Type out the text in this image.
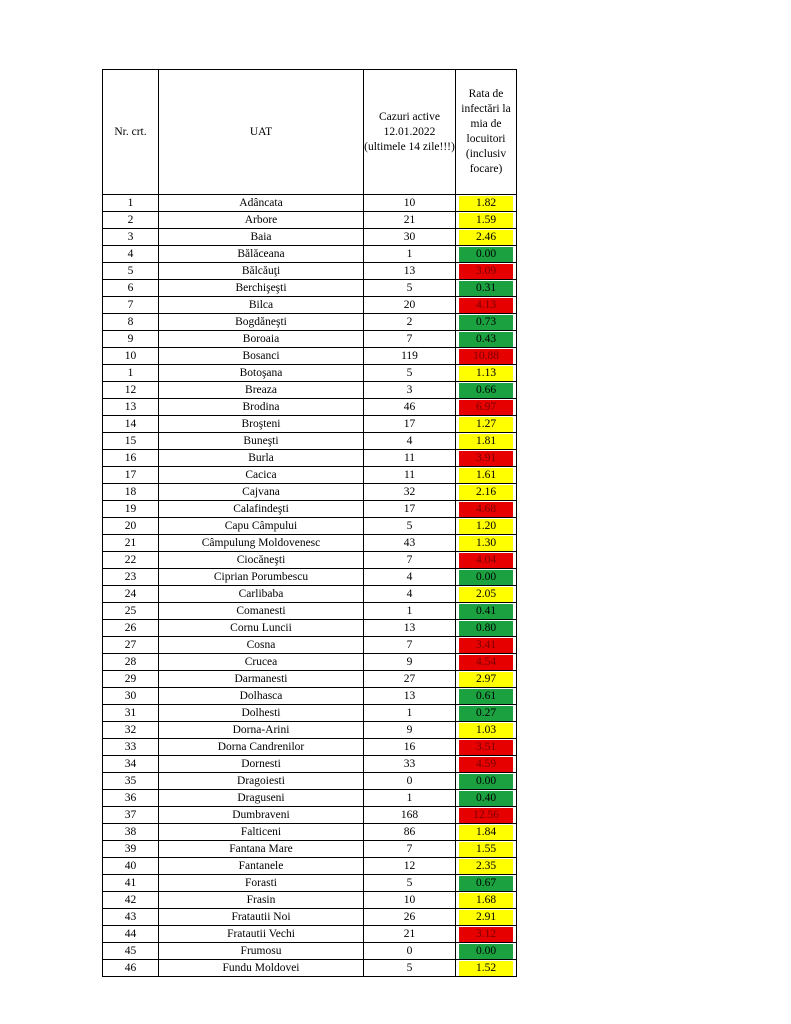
Nr. crt.	UAT	Cazuri active 12.01.2022 (ultimele 14 zile!!!)	Rata de infectări la mia de locuitori (inclusiv focare)
1	Adâncata	10	1.82

2	Arbore	21	1.59

3	Baia	30	2.46

4	Bălăceana	1	0.00

5	Bălcăuţi	13	3.09

6	Berchişeşti	5	0.31

7	Bilca	20	4.13

8	Bogdăneşti	2	0.73

9	Boroaia	7	0.43

10	Bosanci	119	10.88

1	Botoşana	5	1.13

12	Breaza	3	0.66

13	Brodina	46	6.97

14	Broşteni	17	1.27

15	Buneşti	4	1.81

16	Burla	11	3.91

17	Cacica	11	1.61

18	Cajvana	32	2.16

19	Calafindeşti	17	4.68

20	Capu Câmpului	5	1.20

21	Câmpulung Moldovenesc	43	1.30

22	Ciocăneşti	7	4.04

23	Ciprian Porumbescu	4	0.00

24	Carlibaba	4	2.05

25	Comanesti	1	0.41

26	Cornu Luncii	13	0.80

27	Cosna	7	3.41

28	Crucea	9	4.54

29	Darmanesti	27	2.97

30	Dolhasca	13	0.61

31	Dolhesti	1	0.27

32	Dorna-Arini	9	1.03

33	Dorna Candrenilor	16	3.51

34	Dornesti	33	4.59

35	Dragoiesti	0	0.00

36	Draguseni	1	0.40

37	Dumbraveni	168	12.56

38	Falticeni	86	1.84

39	Fantana Mare	7	1.55

40	Fantanele	12	2.35

41	Forasti	5	0.67

42	Frasin	10	1.68

43	Fratautii Noi	26	2.91

44	Fratautii Vechi	21	3.12

45	Frumosu	0	0.00

46	Fundu Moldovei	5	1.52
